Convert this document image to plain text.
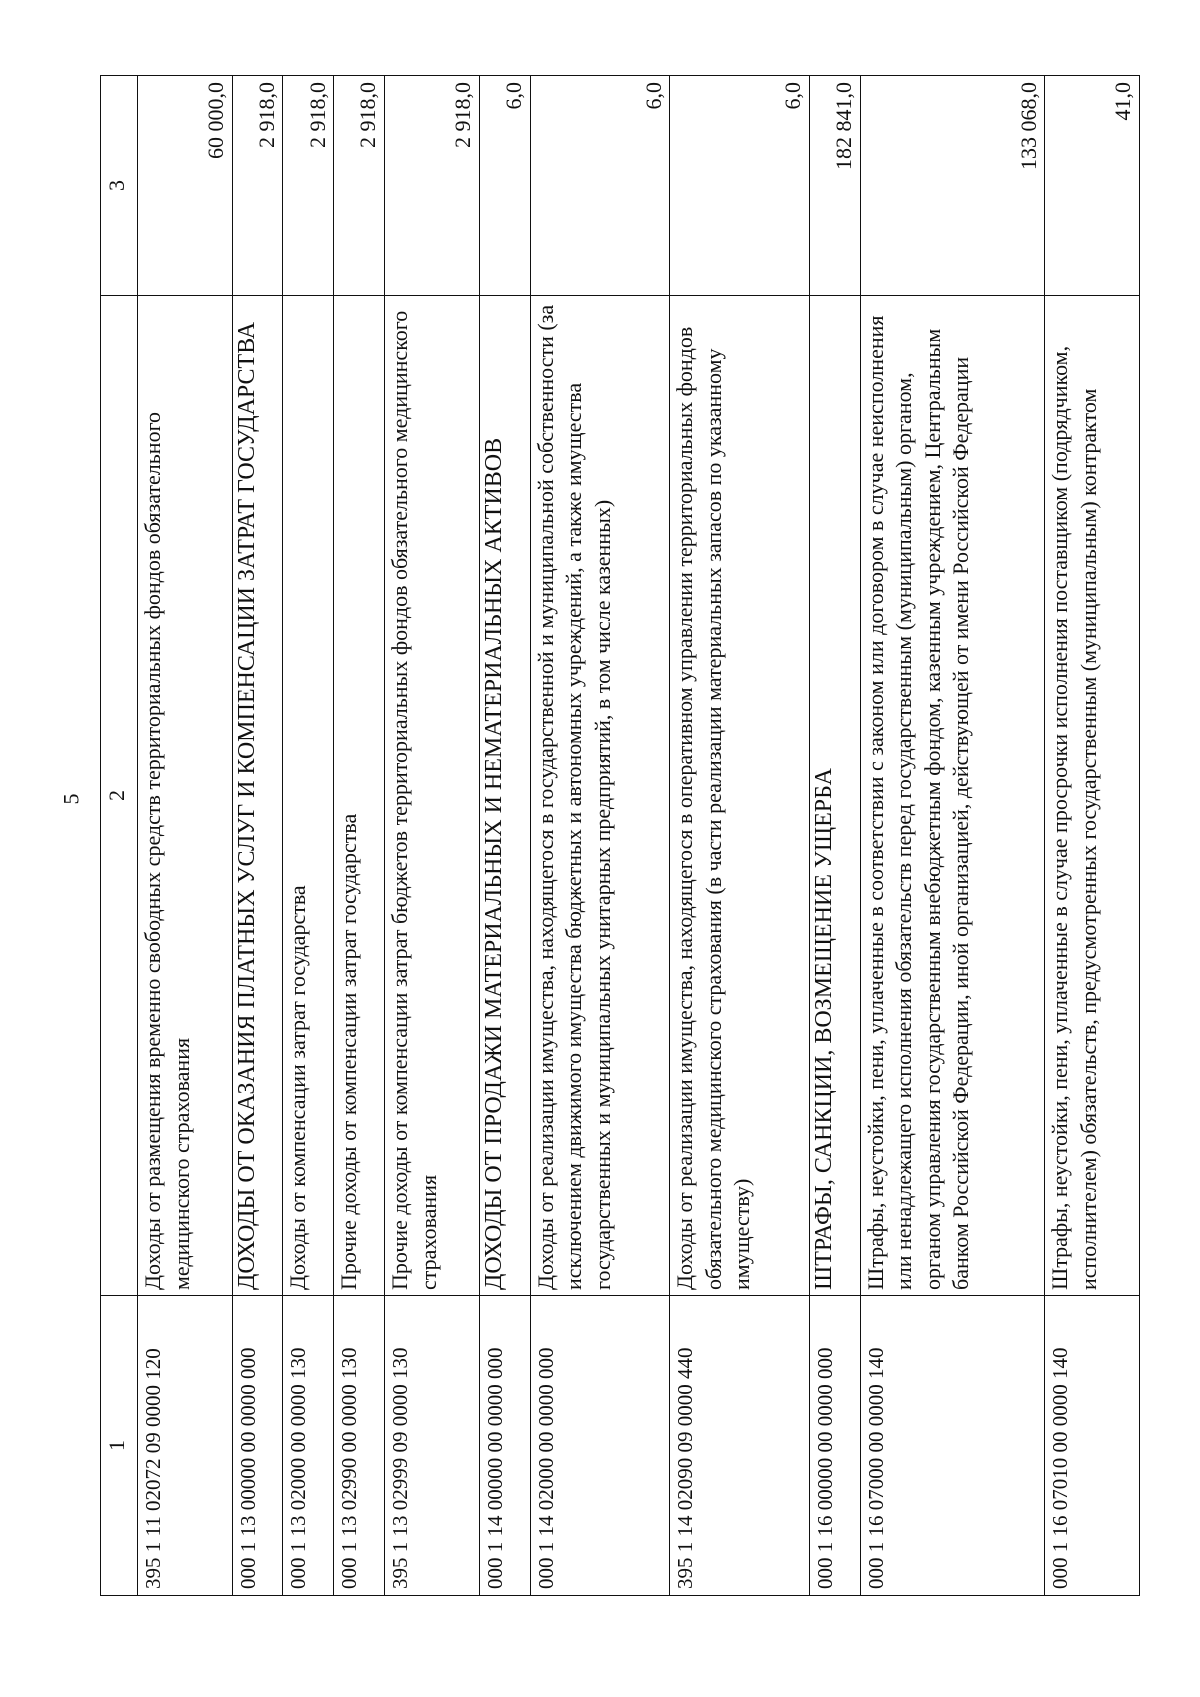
5
1	2	3
395 1 11 02072 09 0000 120	Доходы от размещения временно свободных средств территориальных фондов обязательного медицинского страхования	60 000,0
000 1 13 00000 00 0000 000	ДОХОДЫ ОТ ОКАЗАНИЯ ПЛАТНЫХ УСЛУГ И КОМПЕНСАЦИИ ЗАТРАТ ГОСУДАРСТВА	2 918,0
000 1 13 02000 00 0000 130	Доходы от компенсации затрат государства	2 918,0
000 1 13 02990 00 0000 130	Прочие доходы от компенсации затрат государства	2 918,0
395 1 13 02999 09 0000 130	Прочие доходы от компенсации затрат бюджетов территориальных фондов обязательного медицинского страхования	2 918,0
000 1 14 00000 00 0000 000	ДОХОДЫ ОТ ПРОДАЖИ МАТЕРИАЛЬНЫХ И НЕМАТЕРИАЛЬНЫХ АКТИВОВ	6,0
000 1 14 02000 00 0000 000	Доходы от реализации имущества, находящегося в государственной и муниципальной собственности (за исключением движимого имущества бюджетных и автономных учреждений, а также имущества государственных и муниципальных унитарных предприятий, в том числе казенных)	6,0
395 1 14 02090 09 0000 440	Доходы от реализации имущества, находящегося в оперативном управлении территориальных фондов обязательного медицинского страхования (в части реализации материальных запасов по указанному имуществу)	6,0
000 1 16 00000 00 0000 000	ШТРАФЫ, САНКЦИИ, ВОЗМЕЩЕНИЕ УЩЕРБА	182 841,0
000 1 16 07000 00 0000 140	Штрафы, неустойки, пени, уплаченные в соответствии с законом или договором в случае неисполнения или ненадлежащего исполнения обязательств перед государственным (муниципальным) органом, органом управления государственным внебюджетным фондом, казенным учреждением, Центральным банком Российской Федерации, иной организацией, действующей от имени Российской Федерации	133 068,0
000 1 16 07010 00 0000 140	Штрафы, неустойки, пени, уплаченные в случае просрочки исполнения поставщиком (подрядчиком, исполнителем) обязательств, предусмотренных государственным (муниципальным) контрактом	41,0
